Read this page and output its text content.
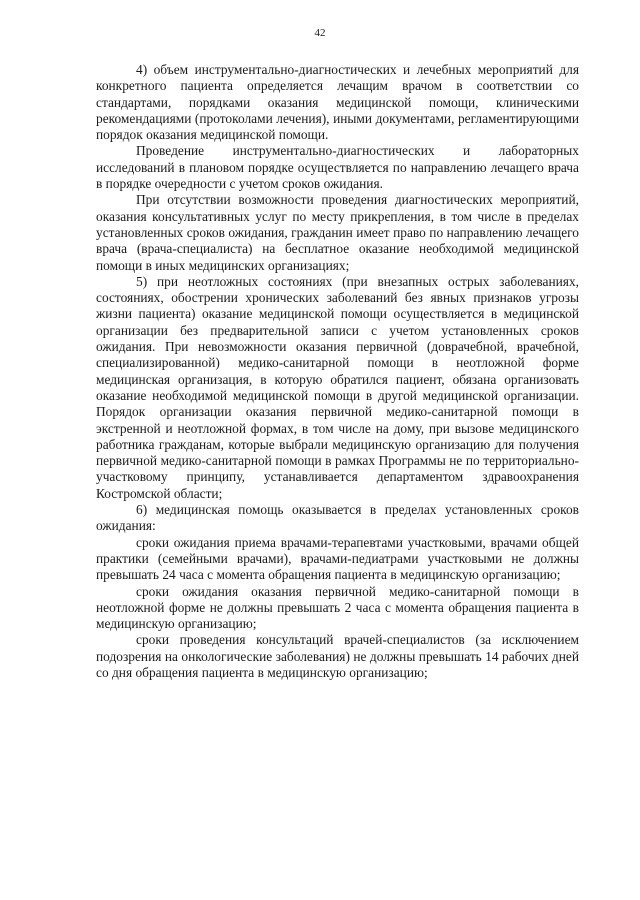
42

4) объем инструментально-диагностических и лечебных мероприятий для конкретного пациента определяется лечащим врачом в соответствии со стандартами, порядками оказания медицинской помощи, клиническими рекомендациями (протоколами лечения), иными документами, регламентирующими порядок оказания медицинской помощи.

Проведение инструментально-диагностических и лабораторных исследований в плановом порядке осуществляется по направлению лечащего врача в порядке очередности с учетом сроков ожидания.

При отсутствии возможности проведения диагностических мероприятий, оказания консультативных услуг по месту прикрепления, в том числе в пределах установленных сроков ожидания, гражданин имеет право по направлению лечащего врача (врача-специалиста) на бесплатное оказание необходимой медицинской помощи в иных медицинских организациях;

5) при неотложных состояниях (при внезапных острых заболеваниях, состояниях, обострении хронических заболеваний без явных признаков угрозы жизни пациента) оказание медицинской помощи осуществляется в медицинской организации без предварительной записи с учетом установленных сроков ожидания. При невозможности оказания первичной (доврачебной, врачебной, специализированной) медико-санитарной помощи в неотложной форме медицинская организация, в которую обратился пациент, обязана организовать оказание необходимой медицинской помощи в другой медицинской организации. Порядок организации оказания первичной медико-санитарной помощи в экстренной и неотложной формах, в том числе на дому, при вызове медицинского работника гражданам, которые выбрали медицинскую организацию для получения первичной медико-санитарной помощи в рамках Программы не по территориально-участковому принципу, устанавливается департаментом здравоохранения Костромской области;

6) медицинская помощь оказывается в пределах установленных сроков ожидания:

сроки ожидания приема врачами-терапевтами участковыми, врачами общей практики (семейными врачами), врачами-педиатрами участковыми не должны превышать 24 часа с момента обращения пациента в медицинскую организацию;

сроки ожидания оказания первичной медико-санитарной помощи в неотложной форме не должны превышать 2 часа с момента обращения пациента в медицинскую организацию;

сроки проведения консультаций врачей-специалистов (за исключением подозрения на онкологические заболевания) не должны превышать 14 рабочих дней со дня обращения пациента в медицинскую организацию;
